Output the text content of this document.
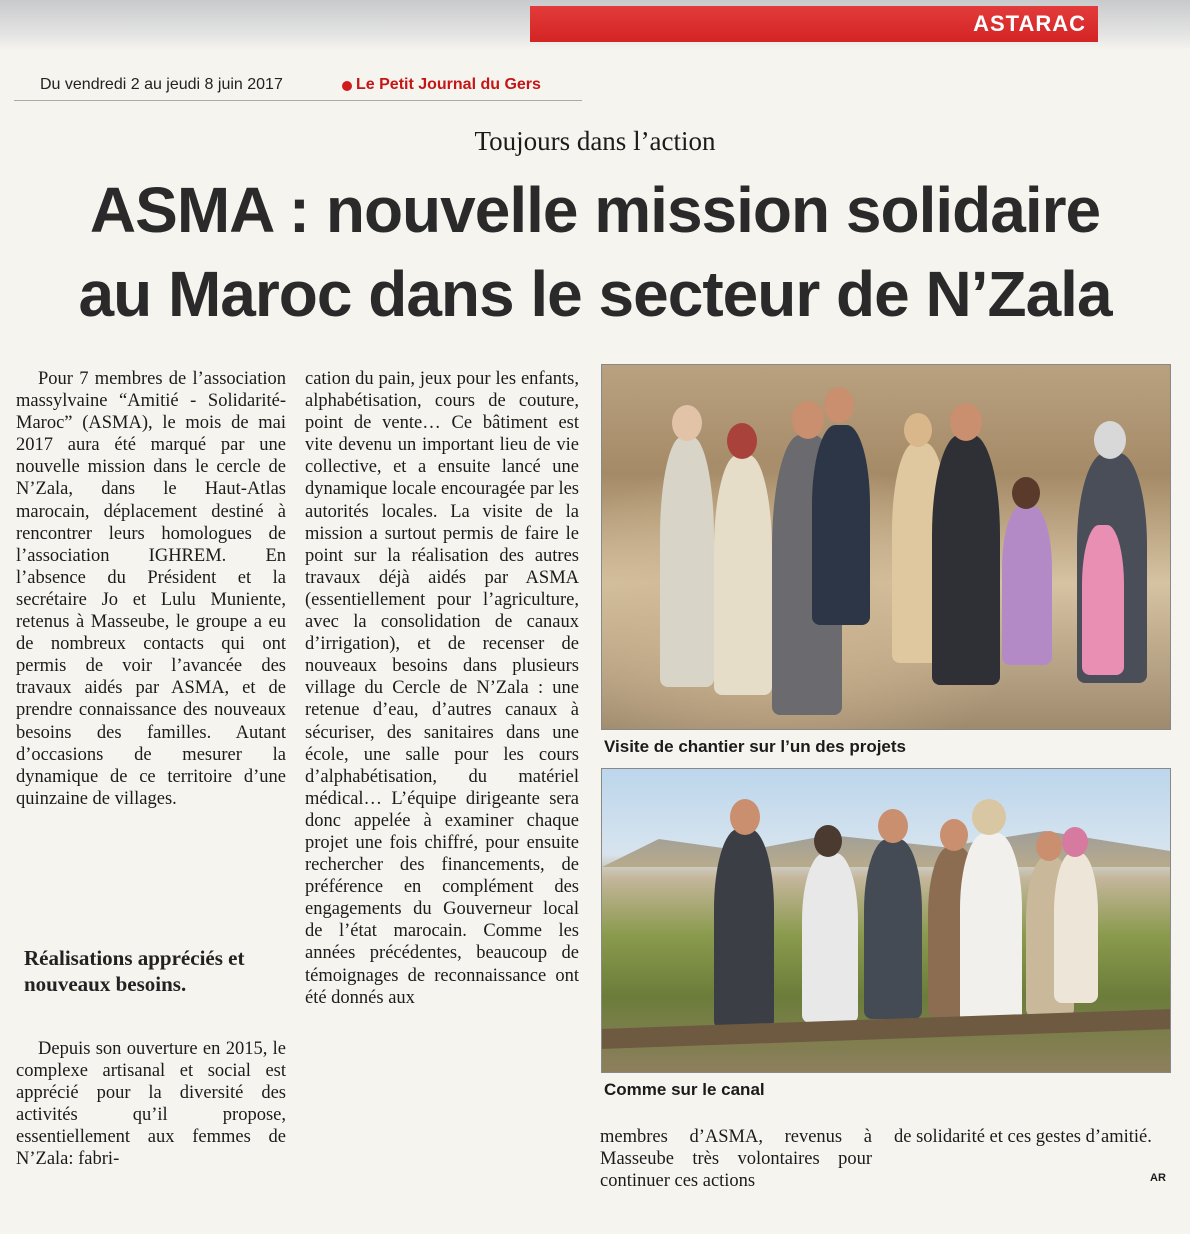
ASTARAC
Du vendredi 2 au jeudi 8 juin 2017	Le Petit Journal du Gers
Toujours dans l’action
ASMA : nouvelle mission solidaire
au Maroc dans le secteur de N’Zala

Pour 7 membres de l’association massylvaine “Amitié - Solidarité-Maroc” (ASMA), le mois de mai 2017 aura été marqué par une nouvelle mission dans le cercle de N’Zala, dans le Haut-Atlas marocain, déplacement destiné à rencontrer leurs homologues de l’association IGHREM. En l’absence du Président et la secrétaire Jo et Lulu Muniente, retenus à Masseube, le groupe a eu de nombreux contacts qui ont permis de voir l’avancée des travaux aidés par ASMA, et de prendre connaissance des nouveaux besoins des familles. Autant d’occasions de mesurer la dynamique de ce territoire d’une quinzaine de villages.

Réalisations appréciés et nouveaux besoins.

Depuis son ouverture en 2015, le complexe artisanal et social est apprécié pour la diversité des activités qu’il propose, essentiellement aux femmes de N’Zala: fabri-

cation du pain, jeux pour les enfants, alphabétisation, cours de couture, point de vente… Ce bâtiment est vite devenu un important lieu de vie collective, et a ensuite lancé une dynamique locale encouragée par les autorités locales. La visite de la mission a surtout permis de faire le point sur la réalisation des autres travaux déjà aidés par ASMA (essentiellement pour l’agriculture, avec la consolidation de canaux d’irrigation), et de recenser de nouveaux besoins dans plusieurs village du Cercle de N’Zala : une retenue d’eau, d’autres canaux à sécuriser, des sanitaires dans une école, une salle pour les cours d’alphabétisation, du matériel médical… L’équipe dirigeante sera donc appelée à examiner chaque projet une fois chiffré, pour ensuite rechercher des financements, de préférence en complément des engagements du Gouverneur local de l’état marocain. Comme les années précédentes, beaucoup de témoignages de reconnaissance ont été donnés aux

Visite de chantier sur l’un des projets
Comme sur le canal

membres d’ASMA, revenus à Masseube très volontaires pour continuer ces actions

de solidarité et ces gestes d’amitié.

AR
